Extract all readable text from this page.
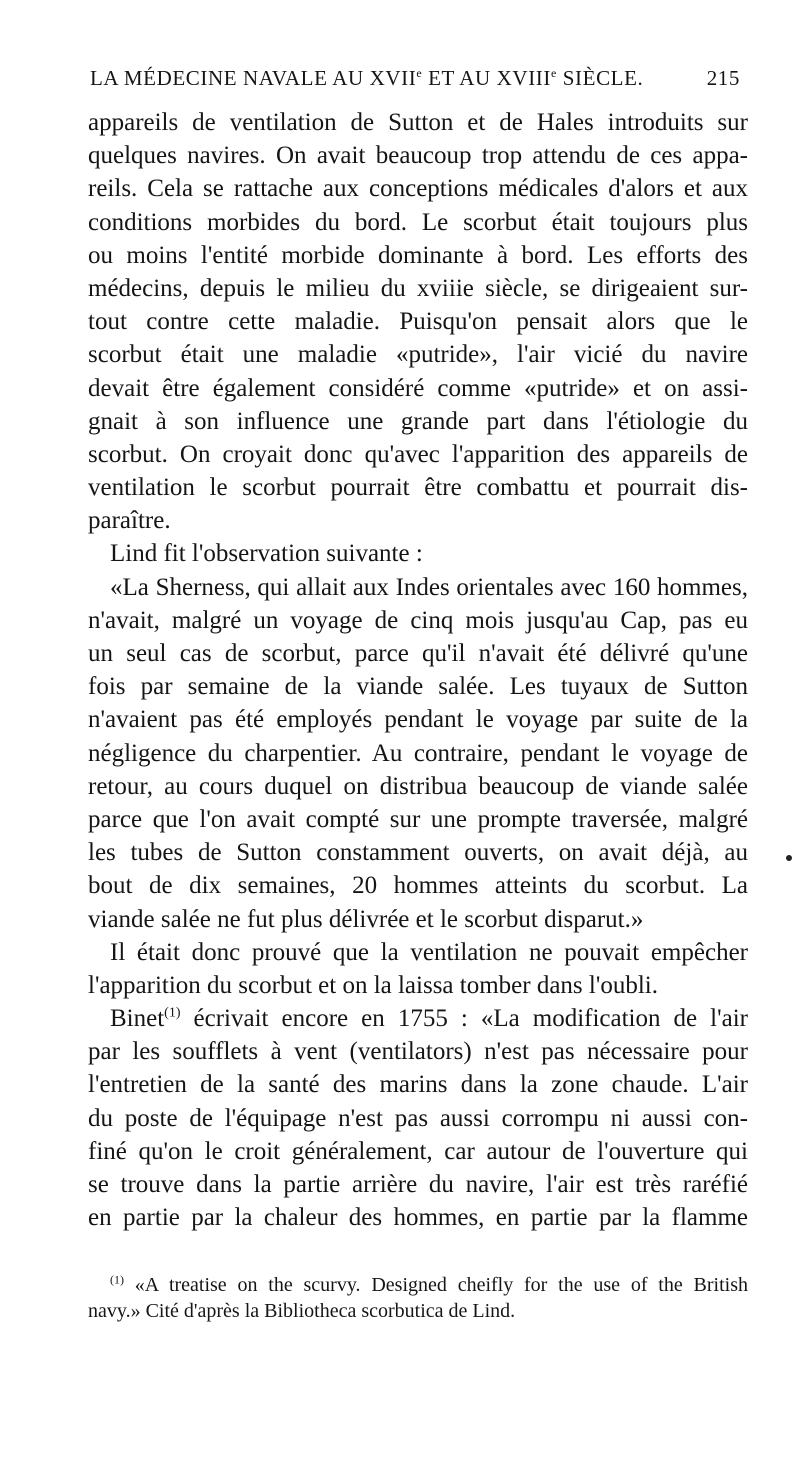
LA MÉDECINE NAVALE AU XVIIe ET AU XVIIIe SIÈCLE.	215
appareils de ventilation de Sutton et de Hales introduits sur
quelques navires. On avait beaucoup trop attendu de ces appa-
reils. Cela se rattache aux conceptions médicales d'alors et aux
conditions morbides du bord. Le scorbut était toujours plus
ou moins l'entité morbide dominante à bord. Les efforts des
médecins, depuis le milieu du xviiie siècle, se dirigeaient sur-
tout contre cette maladie. Puisqu'on pensait alors que le
scorbut était une maladie «putride», l'air vicié du navire
devait être également considéré comme «putride» et on assi-
gnait à son influence une grande part dans l'étiologie du
scorbut. On croyait donc qu'avec l'apparition des appareils de
ventilation le scorbut pourrait être combattu et pourrait dis-
paraître.
Lind fit l'observation suivante :
«La Sherness, qui allait aux Indes orientales avec 160 hommes,
n'avait, malgré un voyage de cinq mois jusqu'au Cap, pas eu
un seul cas de scorbut, parce qu'il n'avait été délivré qu'une
fois par semaine de la viande salée. Les tuyaux de Sutton
n'avaient pas été employés pendant le voyage par suite de la
négligence du charpentier. Au contraire, pendant le voyage de
retour, au cours duquel on distribua beaucoup de viande salée
parce que l'on avait compté sur une prompte traversée, malgré
les tubes de Sutton constamment ouverts, on avait déjà, au
bout de dix semaines, 20 hommes atteints du scorbut. La
viande salée ne fut plus délivrée et le scorbut disparut.»
Il était donc prouvé que la ventilation ne pouvait empêcher
l'apparition du scorbut et on la laissa tomber dans l'oubli.
Binet$^{(1)}$ écrivait encore en 1755 : «La modification de l'air
par les soufflets à vent (ventilators) n'est pas nécessaire pour
l'entretien de la santé des marins dans la zone chaude. L'air
du poste de l'équipage n'est pas aussi corrompu ni aussi con-
finé qu'on le croit généralement, car autour de l'ouverture qui
se trouve dans la partie arrière du navire, l'air est très raréfié
en partie par la chaleur des hommes, en partie par la flamme
$^{(1)}$ «A treatise on the scurvy. Designed cheifly for the use of the British
navy.» Cité d'après la Bibliotheca scorbutica de Lind.
